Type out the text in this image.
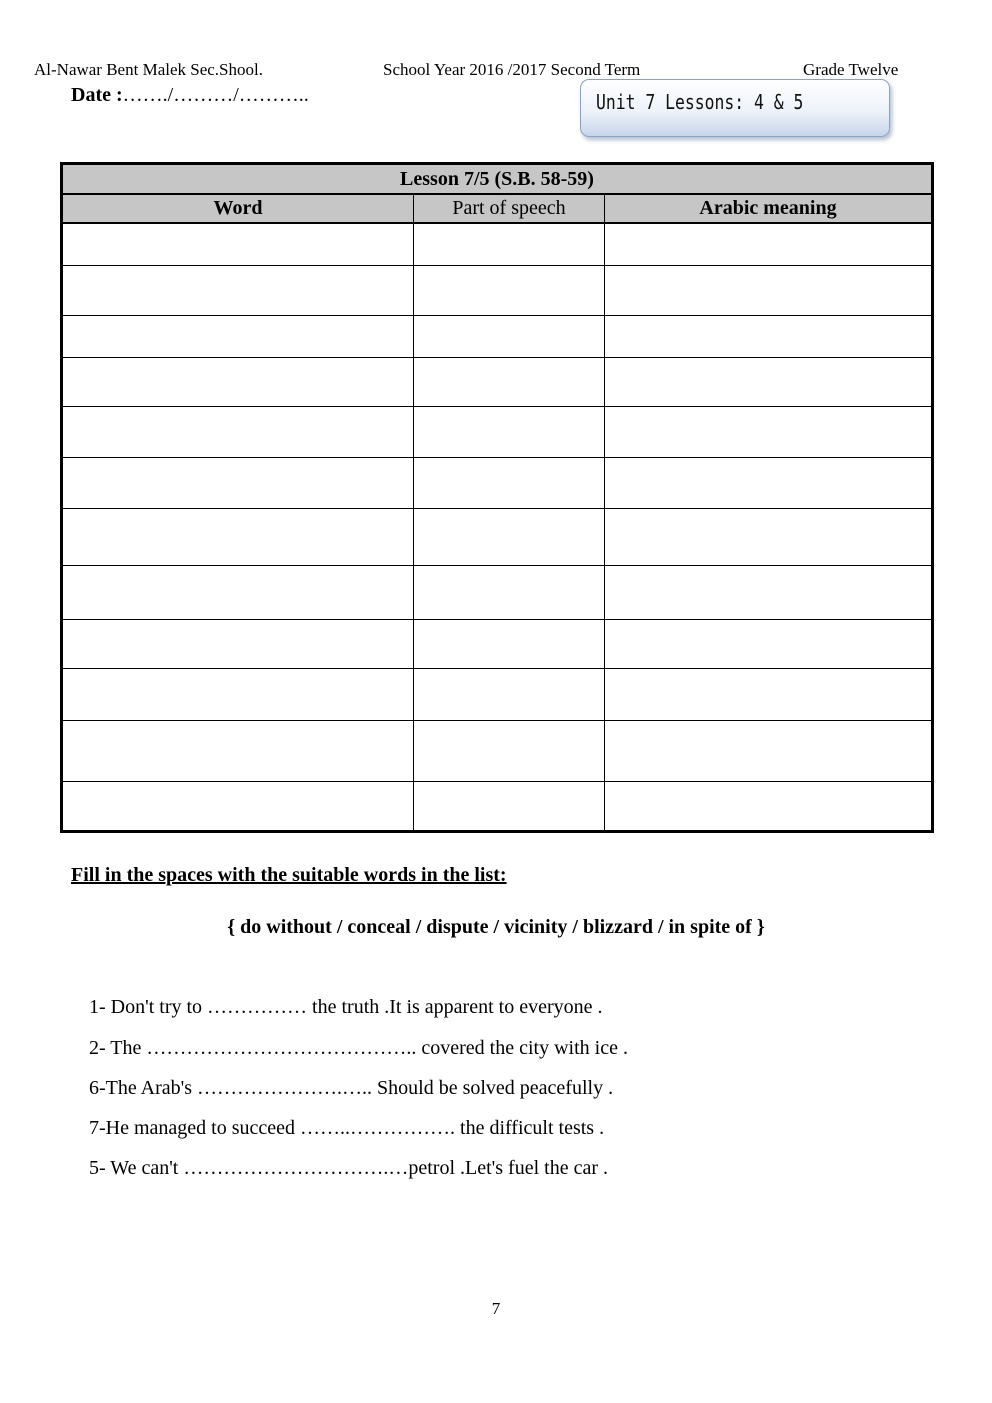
Al-Nawar Bent Malek Sec.Shool.	School Year 2016 /2017 Second Term	Grade Twelve
Date :……./………/………..	Unit 7 Lessons: 4 & 5
Lesson 7/5 (S.B. 58-59)		
Word	Part of speech	Arabic meaning

Fill in the spaces with the suitable words in the list:
{ do without / conceal / dispute / vicinity / blizzard / in spite of }
1- Don't try to …………… the truth .It is apparent to everyone .
2- The ………………………………….. covered the city with ice .
6-The Arab's ………………….….. Should be solved peacefully .
7-He managed to succeed ……..……………. the difficult tests .
5- We can't ………………………….…petrol .Let's fuel the car .
7
